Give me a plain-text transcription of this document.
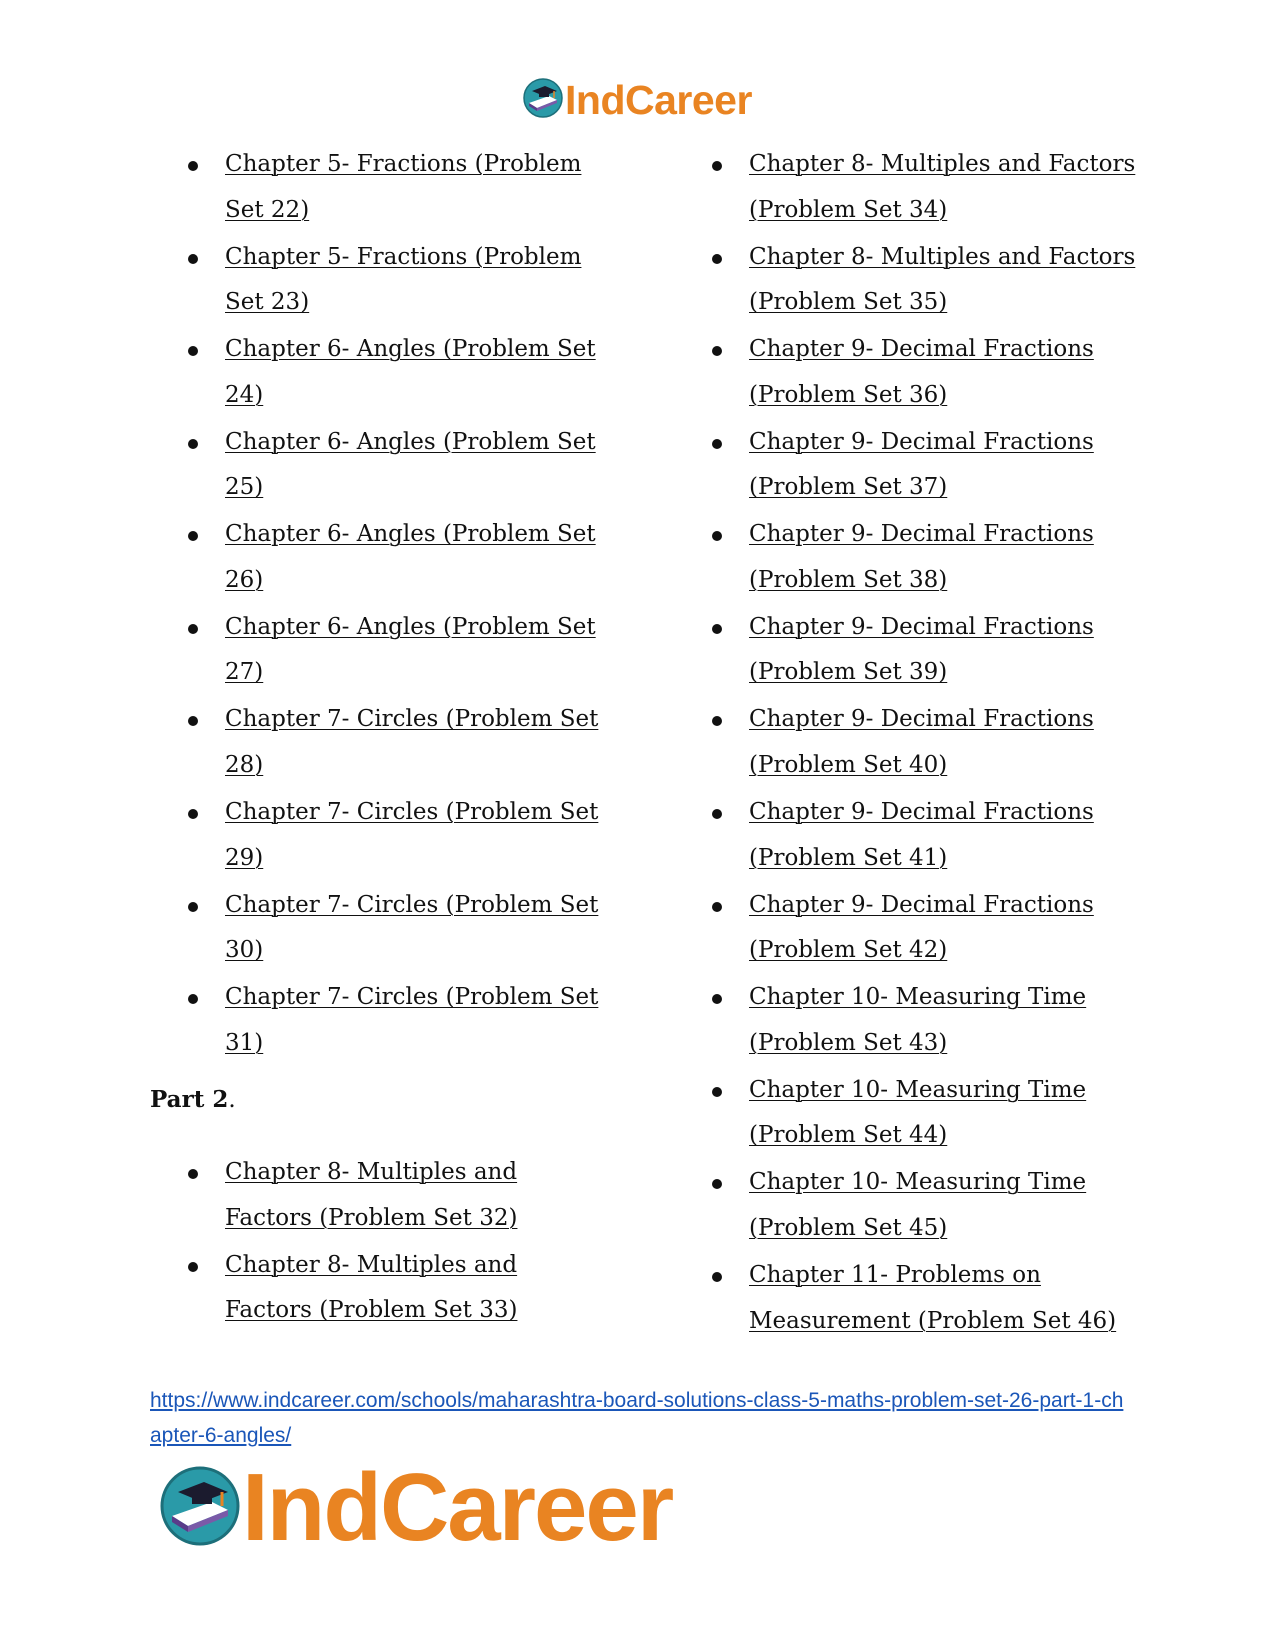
IndCareer
Chapter 5- Fractions (Problem Set 22)
Chapter 5- Fractions (Problem Set 23)
Chapter 6- Angles (Problem Set 24)
Chapter 6- Angles (Problem Set 25)
Chapter 6- Angles (Problem Set 26)
Chapter 6- Angles (Problem Set 27)
Chapter 7- Circles (Problem Set 28)
Chapter 7- Circles (Problem Set 29)
Chapter 7- Circles (Problem Set 30)
Chapter 7- Circles (Problem Set 31)

Part 2.

Chapter 8- Multiples and Factors (Problem Set 32)
Chapter 8- Multiples and Factors (Problem Set 33)
Chapter 8- Multiples and Factors (Problem Set 34)
Chapter 8- Multiples and Factors (Problem Set 35)
Chapter 9- Decimal Fractions (Problem Set 36)
Chapter 9- Decimal Fractions (Problem Set 37)
Chapter 9- Decimal Fractions (Problem Set 38)
Chapter 9- Decimal Fractions (Problem Set 39)
Chapter 9- Decimal Fractions (Problem Set 40)
Chapter 9- Decimal Fractions (Problem Set 41)
Chapter 9- Decimal Fractions (Problem Set 42)
Chapter 10- Measuring Time (Problem Set 43)
Chapter 10- Measuring Time (Problem Set 44)
Chapter 10- Measuring Time (Problem Set 45)
Chapter 11- Problems on Measurement (Problem Set 46)
https://www.indcareer.com/schools/maharashtra-board-solutions-class-5-maths-problem-set-26-part-1-chapter-6-angles/
IndCareer
